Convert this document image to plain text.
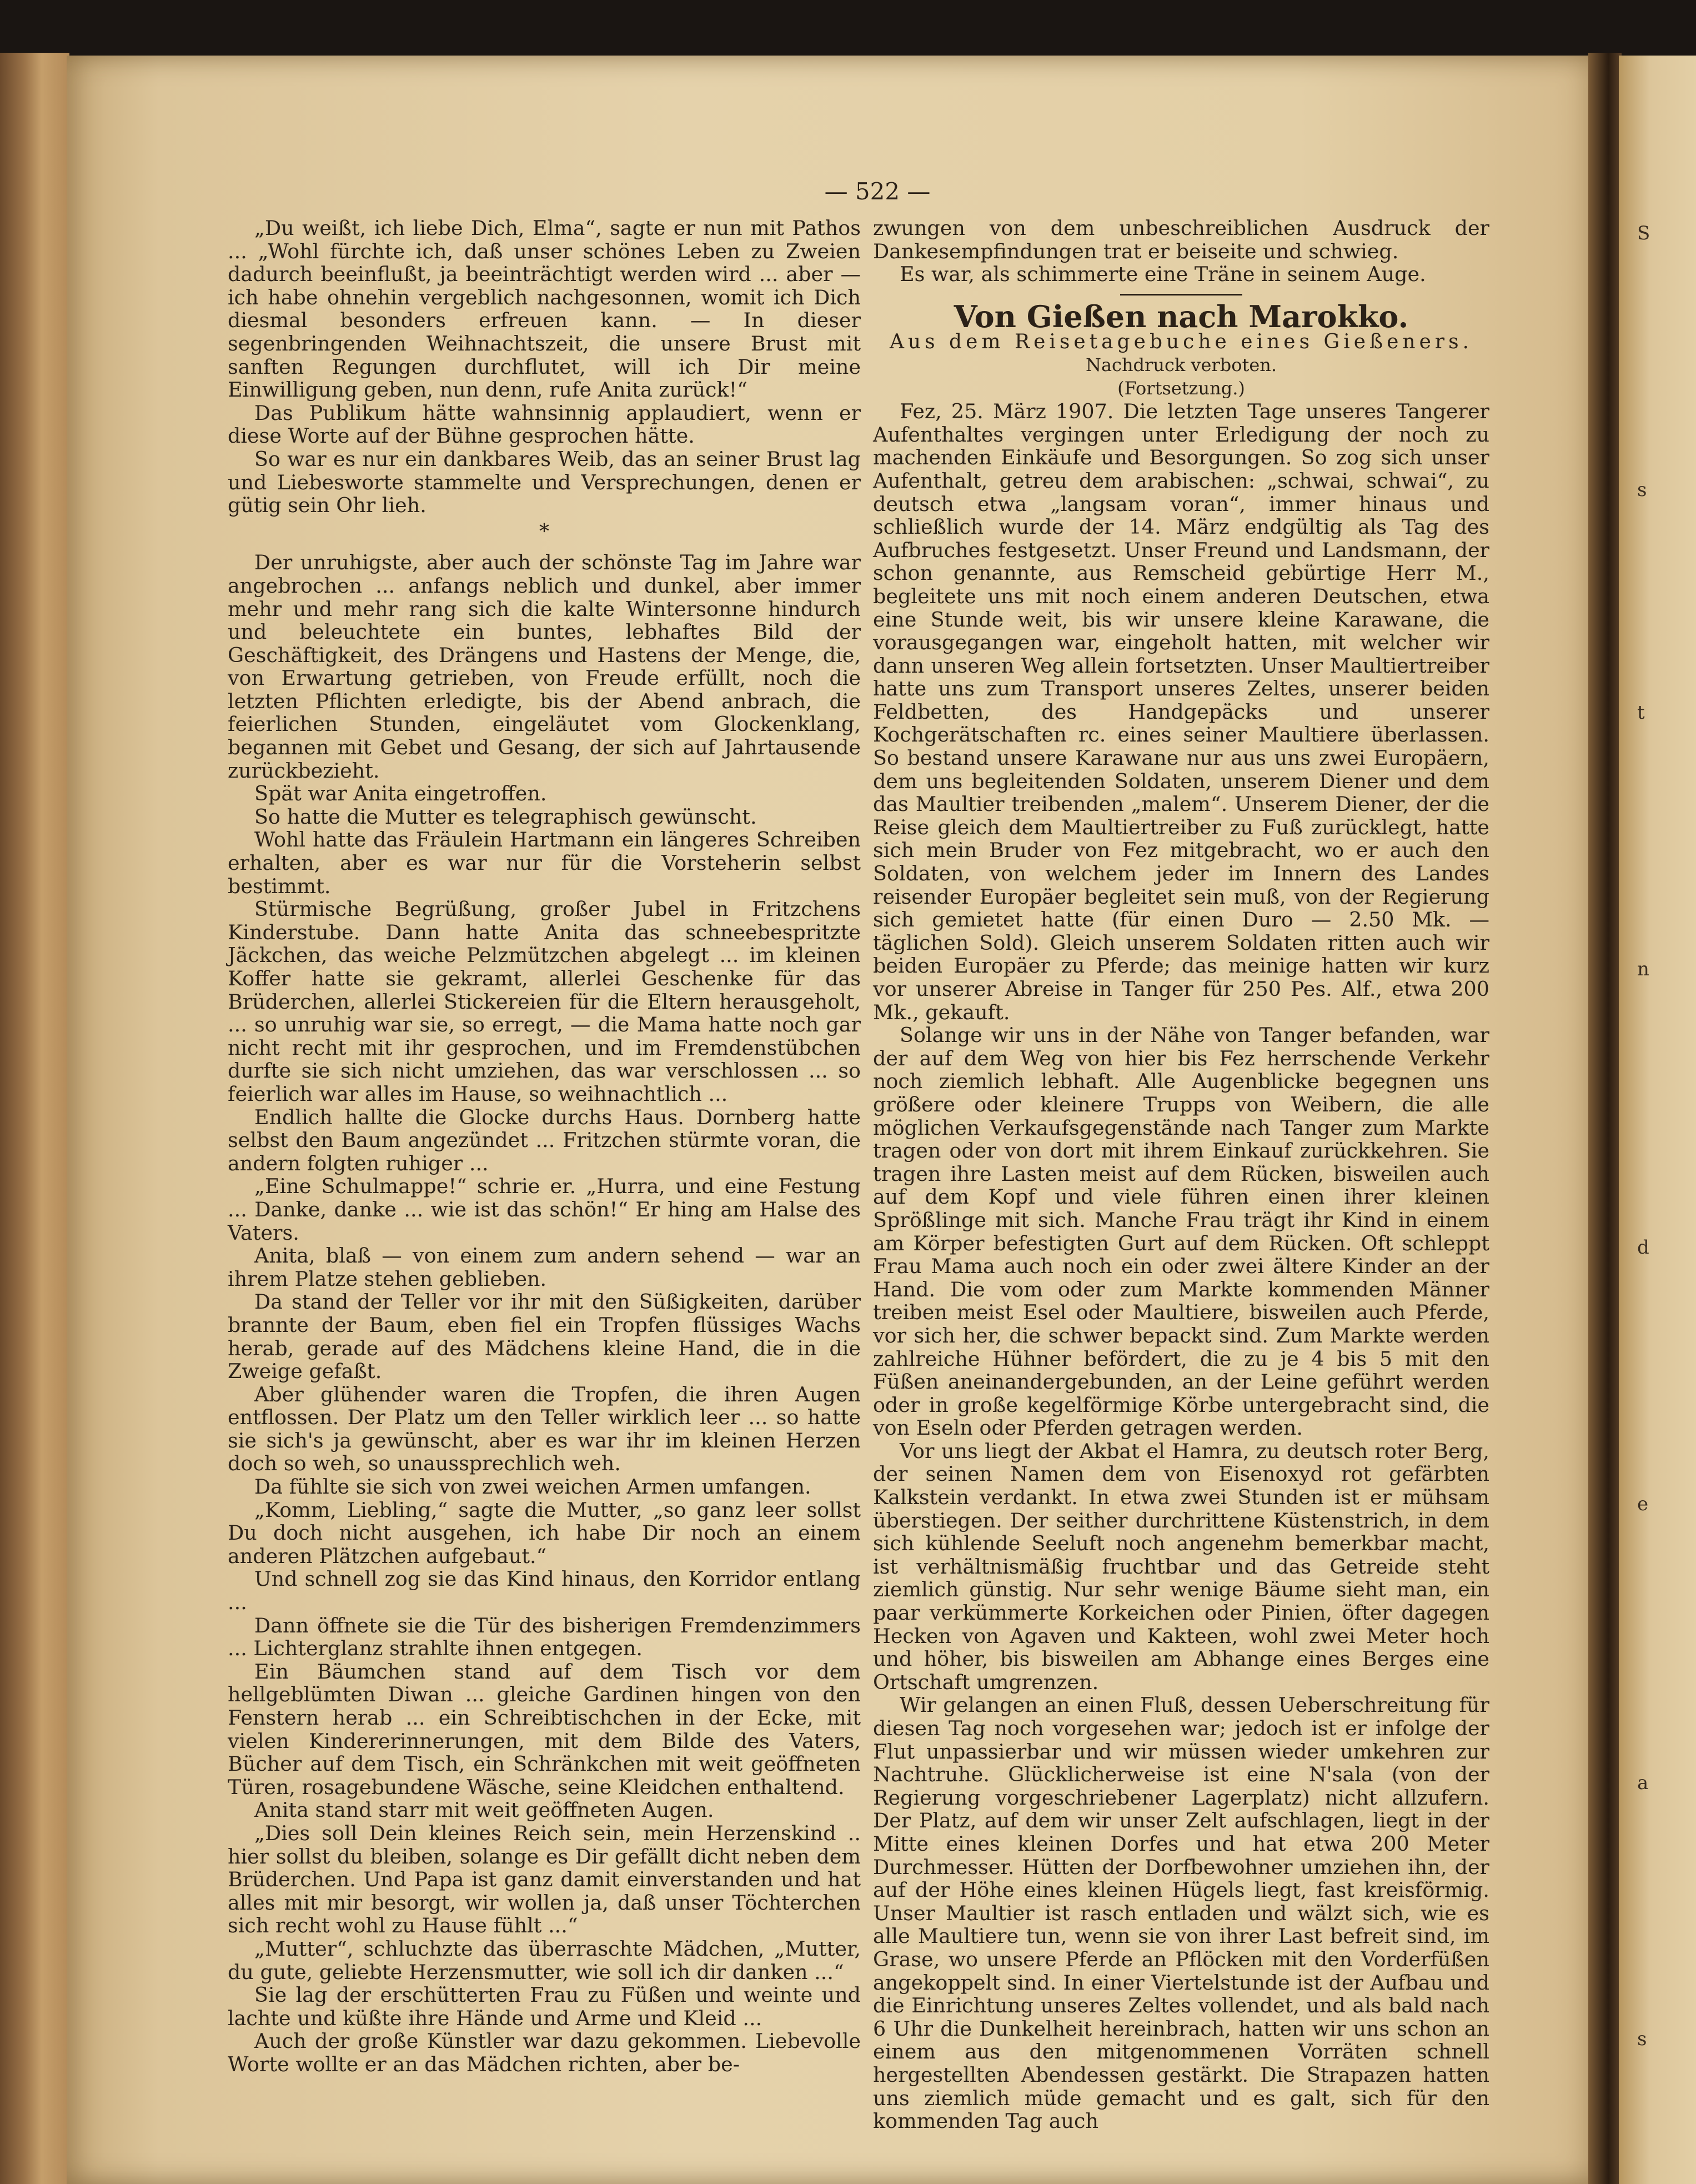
— 522 —

„Du weißt, ich liebe Dich, Elma“, sagte er nun mit Pathos ... „Wohl fürchte ich, daß unser schönes Leben zu Zweien dadurch beeinflußt, ja beeinträchtigt werden wird ... aber — ich habe ohnehin vergeblich nachgesonnen, womit ich Dich diesmal besonders erfreuen kann. — In dieser segenbringenden Weihnachtszeit, die unsere Brust mit sanften Regungen durchflutet, will ich Dir meine Einwilligung geben, nun denn, rufe Anita zurück!“

Das Publikum hätte wahnsinnig applaudiert, wenn er diese Worte auf der Bühne gesprochen hätte.

So war es nur ein dankbares Weib, das an seiner Brust lag und Liebesworte stammelte und Versprechungen, denen er gütig sein Ohr lieh.

*

Der unruhigste, aber auch der schönste Tag im Jahre war angebrochen ... anfangs neblich und dunkel, aber immer mehr und mehr rang sich die kalte Wintersonne hindurch und beleuchtete ein buntes, lebhaftes Bild der Geschäftigkeit, des Drängens und Hastens der Menge, die, von Erwartung getrieben, von Freude erfüllt, noch die letzten Pflichten erledigte, bis der Abend anbrach, die feierlichen Stunden, eingeläutet vom Glockenklang, begannen mit Gebet und Gesang, der sich auf Jahrtausende zurückbezieht.

Spät war Anita eingetroffen.

So hatte die Mutter es telegraphisch gewünscht.

Wohl hatte das Fräulein Hartmann ein längeres Schreiben erhalten, aber es war nur für die Vorsteherin selbst bestimmt.

Stürmische Begrüßung, großer Jubel in Fritzchens Kinderstube. Dann hatte Anita das schneebespritzte Jäckchen, das weiche Pelzmützchen abgelegt ... im kleinen Koffer hatte sie gekramt, allerlei Geschenke für das Brüderchen, allerlei Stickereien für die Eltern herausgeholt, ... so unruhig war sie, so erregt, — die Mama hatte noch gar nicht recht mit ihr gesprochen, und im Fremdenstübchen durfte sie sich nicht umziehen, das war verschlossen ... so feierlich war alles im Hause, so weihnachtlich ...

Endlich hallte die Glocke durchs Haus. Dornberg hatte selbst den Baum angezündet ... Fritzchen stürmte voran, die andern folgten ruhiger ...

„Eine Schulmappe!“ schrie er. „Hurra, und eine Festung ... Danke, danke ... wie ist das schön!“ Er hing am Halse des Vaters.

Anita, blaß — von einem zum andern sehend — war an ihrem Platze stehen geblieben.

Da stand der Teller vor ihr mit den Süßigkeiten, darüber brannte der Baum, eben fiel ein Tropfen flüssiges Wachs herab, gerade auf des Mädchens kleine Hand, die in die Zweige gefaßt.

Aber glühender waren die Tropfen, die ihren Augen entflossen. Der Platz um den Teller wirklich leer ... so hatte sie sich's ja gewünscht, aber es war ihr im kleinen Herzen doch so weh, so unaussprechlich weh.

Da fühlte sie sich von zwei weichen Armen umfangen.

„Komm, Liebling,“ sagte die Mutter, „so ganz leer sollst Du doch nicht ausgehen, ich habe Dir noch an einem anderen Plätzchen aufgebaut.“

Und schnell zog sie das Kind hinaus, den Korridor entlang ...

Dann öffnete sie die Tür des bisherigen Fremdenzimmers ... Lichterglanz strahlte ihnen entgegen.

Ein Bäumchen stand auf dem Tisch vor dem hellgeblümten Diwan ... gleiche Gardinen hingen von den Fenstern herab ... ein Schreibtischchen in der Ecke, mit vielen Kindererinnerungen, mit dem Bilde des Vaters, Bücher auf dem Tisch, ein Schränkchen mit weit geöffneten Türen, rosagebundene Wäsche, seine Kleidchen enthaltend.

Anita stand starr mit weit geöffneten Augen.

„Dies soll Dein kleines Reich sein, mein Herzenskind .. hier sollst du bleiben, solange es Dir gefällt dicht neben dem Brüderchen. Und Papa ist ganz damit einverstanden und hat alles mit mir besorgt, wir wollen ja, daß unser Töchterchen sich recht wohl zu Hause fühlt ...“

„Mutter“, schluchzte das überraschte Mädchen, „Mutter, du gute, geliebte Herzensmutter, wie soll ich dir danken ...“

Sie lag der erschütterten Frau zu Füßen und weinte und lachte und küßte ihre Hände und Arme und Kleid ...

Auch der große Künstler war dazu gekommen. Liebevolle Worte wollte er an das Mädchen richten, aber be-

zwungen von dem unbeschreiblichen Ausdruck der Dankesempfindungen trat er beiseite und schwieg.

Es war, als schimmerte eine Träne in seinem Auge.

Von Gießen nach Marokko.
Aus dem Reisetagebuche eines Gießeners.
Nachdruck verboten.
(Fortsetzung.)

Fez, 25. März 1907. Die letzten Tage unseres Tangerer Aufenthaltes vergingen unter Erledigung der noch zu machenden Einkäufe und Besorgungen. So zog sich unser Aufenthalt, getreu dem arabischen: „schwai, schwai“, zu deutsch etwa „langsam voran“, immer hinaus und schließlich wurde der 14. März endgültig als Tag des Aufbruches festgesetzt. Unser Freund und Landsmann, der schon genannte, aus Remscheid gebürtige Herr M., begleitete uns mit noch einem anderen Deutschen, etwa eine Stunde weit, bis wir unsere kleine Karawane, die vorausgegangen war, eingeholt hatten, mit welcher wir dann unseren Weg allein fortsetzten. Unser Maultiertreiber hatte uns zum Transport unseres Zeltes, unserer beiden Feldbetten, des Handgepäcks und unserer Kochgerätschaften rc. eines seiner Maultiere überlassen. So bestand unsere Karawane nur aus uns zwei Europäern, dem uns begleitenden Soldaten, unserem Diener und dem das Maultier treibenden „malem“. Unserem Diener, der die Reise gleich dem Maultiertreiber zu Fuß zurücklegt, hatte sich mein Bruder von Fez mitgebracht, wo er auch den Soldaten, von welchem jeder im Innern des Landes reisender Europäer begleitet sein muß, von der Regierung sich gemietet hatte (für einen Duro — 2.50 Mk. — täglichen Sold). Gleich unserem Soldaten ritten auch wir beiden Europäer zu Pferde; das meinige hatten wir kurz vor unserer Abreise in Tanger für 250 Pes. Alf., etwa 200 Mk., gekauft.

Solange wir uns in der Nähe von Tanger befanden, war der auf dem Weg von hier bis Fez herrschende Verkehr noch ziemlich lebhaft. Alle Augenblicke begegnen uns größere oder kleinere Trupps von Weibern, die alle möglichen Verkaufsgegenstände nach Tanger zum Markte tragen oder von dort mit ihrem Einkauf zurückkehren. Sie tragen ihre Lasten meist auf dem Rücken, bisweilen auch auf dem Kopf und viele führen einen ihrer kleinen Sprößlinge mit sich. Manche Frau trägt ihr Kind in einem am Körper befestigten Gurt auf dem Rücken. Oft schleppt Frau Mama auch noch ein oder zwei ältere Kinder an der Hand. Die vom oder zum Markte kommenden Männer treiben meist Esel oder Maultiere, bisweilen auch Pferde, vor sich her, die schwer bepackt sind. Zum Markte werden zahlreiche Hühner befördert, die zu je 4 bis 5 mit den Füßen aneinandergebunden, an der Leine geführt werden oder in große kegelförmige Körbe untergebracht sind, die von Eseln oder Pferden getragen werden.

Vor uns liegt der Akbat el Hamra, zu deutsch roter Berg, der seinen Namen dem von Eisenoxyd rot gefärbten Kalkstein verdankt. In etwa zwei Stunden ist er mühsam überstiegen. Der seither durchrittene Küstenstrich, in dem sich kühlende Seeluft noch angenehm bemerkbar macht, ist verhältnismäßig fruchtbar und das Getreide steht ziemlich günstig. Nur sehr wenige Bäume sieht man, ein paar verkümmerte Korkeichen oder Pinien, öfter dagegen Hecken von Agaven und Kakteen, wohl zwei Meter hoch und höher, bis bisweilen am Abhange eines Berges eine Ortschaft umgrenzen.

Wir gelangen an einen Fluß, dessen Ueberschreitung für diesen Tag noch vorgesehen war; jedoch ist er infolge der Flut unpassierbar und wir müssen wieder umkehren zur Nachtruhe. Glücklicherweise ist eine N'sala (von der Regierung vorgeschriebener Lagerplatz) nicht allzufern. Der Platz, auf dem wir unser Zelt aufschlagen, liegt in der Mitte eines kleinen Dorfes und hat etwa 200 Meter Durchmesser. Hütten der Dorfbewohner umziehen ihn, der auf der Höhe eines kleinen Hügels liegt, fast kreisförmig. Unser Maultier ist rasch entladen und wälzt sich, wie es alle Maultiere tun, wenn sie von ihrer Last befreit sind, im Grase, wo unsere Pferde an Pflöcken mit den Vorderfüßen angekoppelt sind. In einer Viertelstunde ist der Aufbau und die Einrichtung unseres Zeltes vollendet, und als bald nach 6 Uhr die Dunkelheit hereinbrach, hatten wir uns schon an einem aus den mitgenommenen Vorräten schnell hergestellten Abendessen gestärkt. Die Strapazen hatten uns ziemlich müde gemacht und es galt, sich für den kommenden Tag auch

S
s
t
n
d
e
a
s
